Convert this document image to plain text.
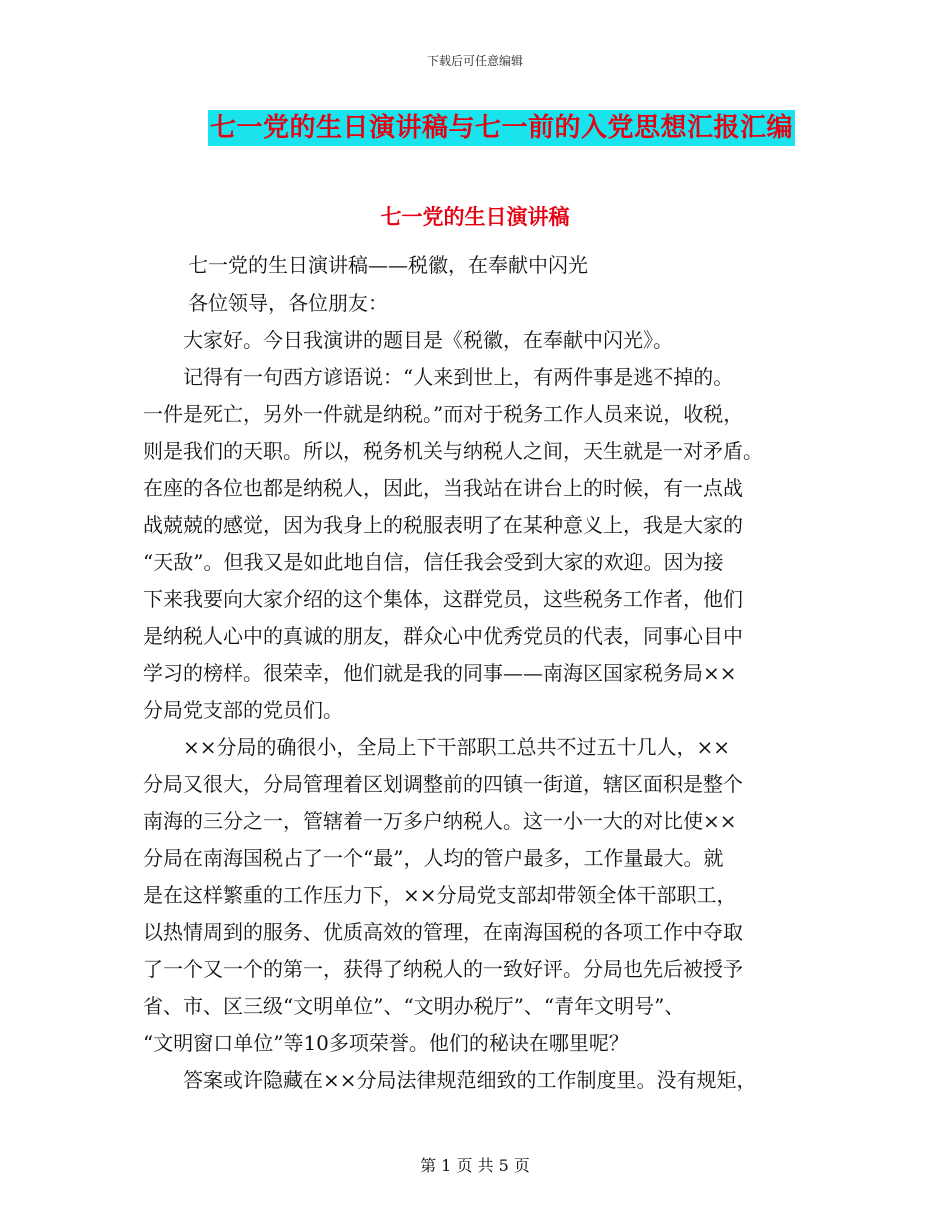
下载后可任意编辑
七一党的生日演讲稿与七一前的入党思想汇报汇编
七一党的生日演讲稿
七一党的生日演讲稿——税徽，在奉献中闪光
各位领导，各位朋友：
大家好。今日我演讲的题目是《税徽，在奉献中闪光》。
记得有一句西方谚语说：“人来到世上，有两件事是逃不掉的。
一件是死亡，另外一件就是纳税。”而对于税务工作人员来说，收税，
则是我们的天职。所以，税务机关与纳税人之间，天生就是一对矛盾。
在座的各位也都是纳税人，因此，当我站在讲台上的时候，有一点战
战兢兢的感觉，因为我身上的税服表明了在某种意义上，我是大家的
“天敌”。但我又是如此地自信，信任我会受到大家的欢迎。因为接
下来我要向大家介绍的这个集体，这群党员，这些税务工作者，他们
是纳税人心中的真诚的朋友，群众心中优秀党员的代表，同事心目中
学习的榜样。很荣幸，他们就是我的同事——南海区国家税务局××
分局党支部的党员们。
××分局的确很小，全局上下干部职工总共不过五十几人，××
分局又很大，分局管理着区划调整前的四镇一街道，辖区面积是整个
南海的三分之一，管辖着一万多户纳税人。这一小一大的对比使××
分局在南海国税占了一个“最”，人均的管户最多，工作量最大。就
是在这样繁重的工作压力下，××分局党支部却带领全体干部职工，
以热情周到的服务、优质高效的管理，在南海国税的各项工作中夺取
了一个又一个的第一，获得了纳税人的一致好评。分局也先后被授予
省、市、区三级“文明单位”、“文明办税厅”、“青年文明号”、
“文明窗口单位”等10多项荣誉。他们的秘诀在哪里呢？
答案或许隐藏在××分局法律规范细致的工作制度里。没有规矩，
第 1 页 共 5 页
